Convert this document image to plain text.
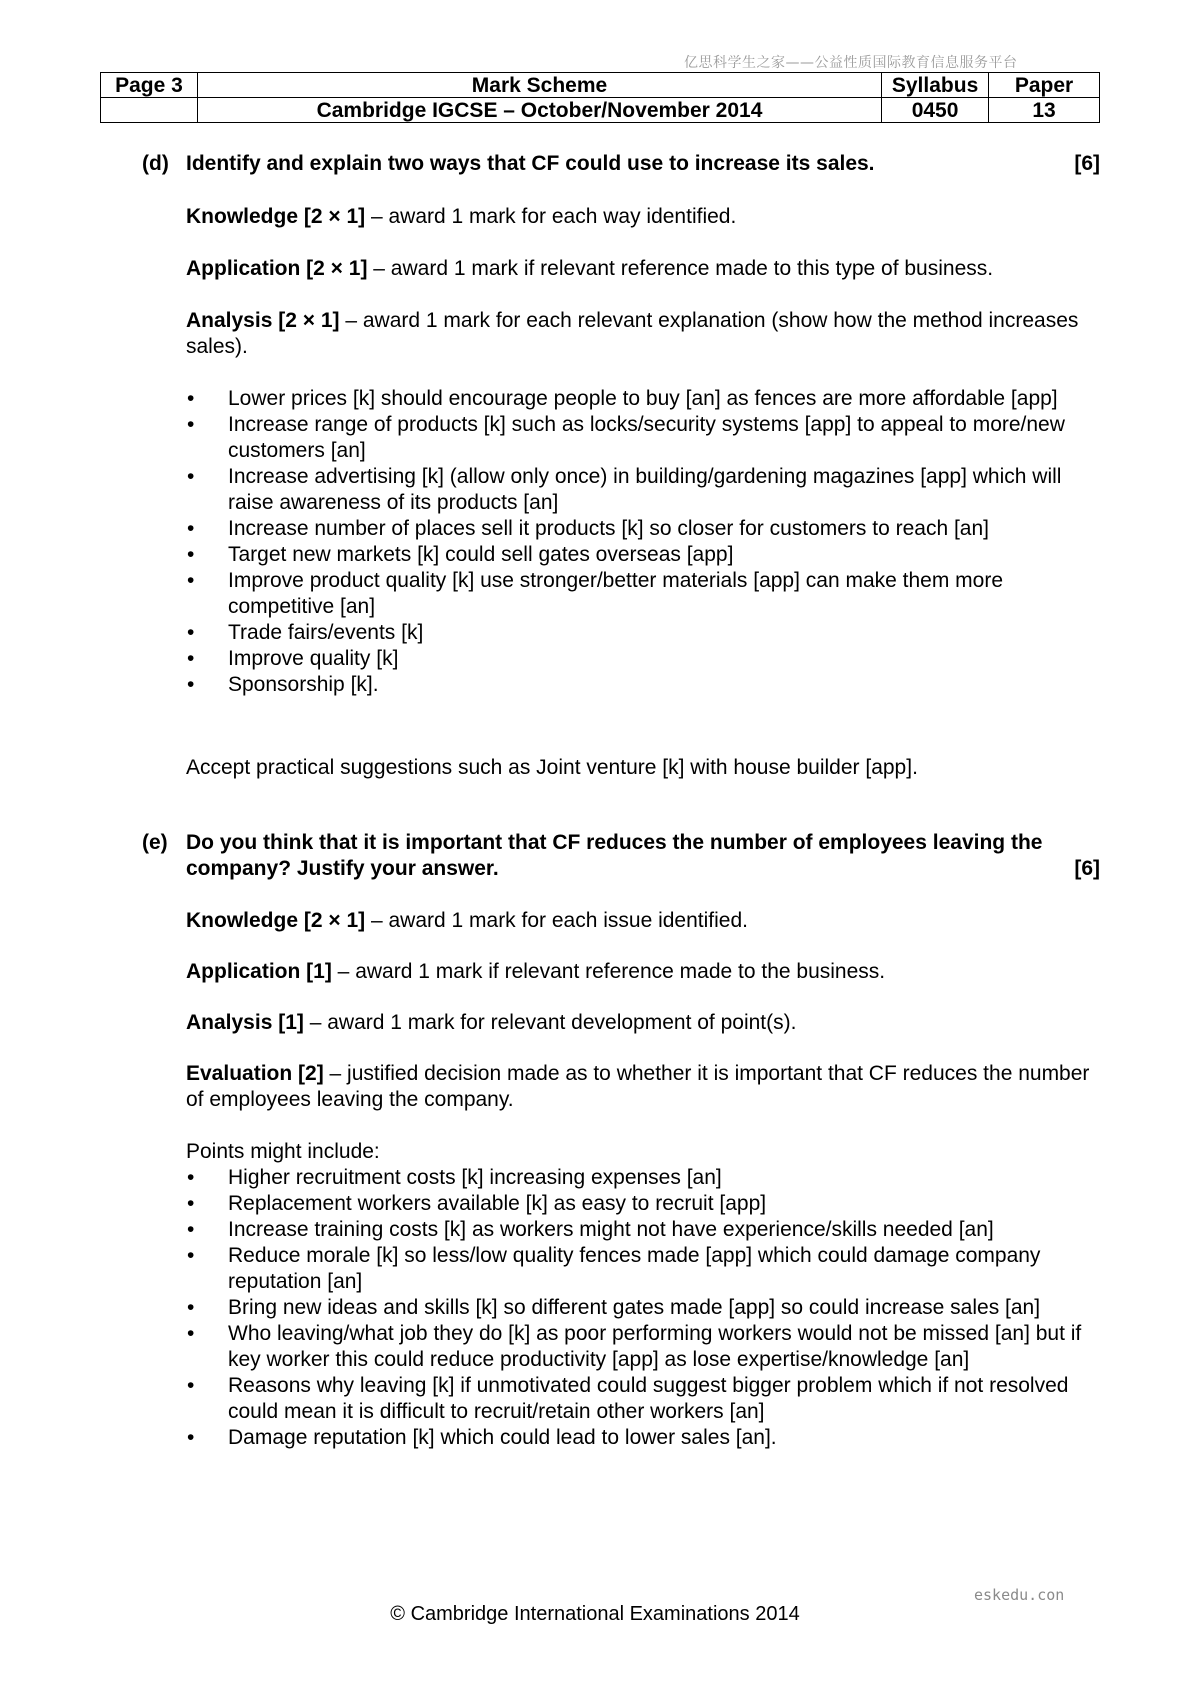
亿思科学生之家——公益性质国际教育信息服务平台
Page 3	Mark Scheme	Syllabus	Paper
	Cambridge IGCSE – October/November 2014	0450	13
(d) Identify and explain two ways that CF could use to increase its sales.	[6]
Knowledge [2 × 1] – award 1 mark for each way identified.
Application [2 × 1] – award 1 mark if relevant reference made to this type of business.
Analysis [2 × 1] – award 1 mark for each relevant explanation (show how the method increases sales).
• Lower prices [k] should encourage people to buy [an] as fences are more affordable [app]
• Increase range of products [k] such as locks/security systems [app] to appeal to more/new customers [an]
• Increase advertising [k] (allow only once) in building/gardening magazines [app] which will raise awareness of its products [an]
• Increase number of places sell it products [k] so closer for customers to reach [an]
• Target new markets [k] could sell gates overseas [app]
• Improve product quality [k] use stronger/better materials [app] can make them more competitive [an]
• Trade fairs/events [k]
• Improve quality [k]
• Sponsorship [k].
Accept practical suggestions such as Joint venture [k] with house builder [app].
(e) Do you think that it is important that CF reduces the number of employees leaving the company? Justify your answer.	[6]
Knowledge [2 × 1] – award 1 mark for each issue identified.
Application [1] – award 1 mark if relevant reference made to the business.
Analysis [1] – award 1 mark for relevant development of point(s).
Evaluation [2] – justified decision made as to whether it is important that CF reduces the number of employees leaving the company.
Points might include:
• Higher recruitment costs [k] increasing expenses [an]
• Replacement workers available [k] as easy to recruit [app]
• Increase training costs [k] as workers might not have experience/skills needed [an]
• Reduce morale [k] so less/low quality fences made [app] which could damage company reputation [an]
• Bring new ideas and skills [k] so different gates made [app] so could increase sales [an]
• Who leaving/what job they do [k] as poor performing workers would not be missed [an] but if key worker this could reduce productivity [app] as lose expertise/knowledge [an]
• Reasons why leaving [k] if unmotivated could suggest bigger problem which if not resolved could mean it is difficult to recruit/retain other workers [an]
• Damage reputation [k] which could lead to lower sales [an].
eskedu.con
© Cambridge International Examinations 2014
